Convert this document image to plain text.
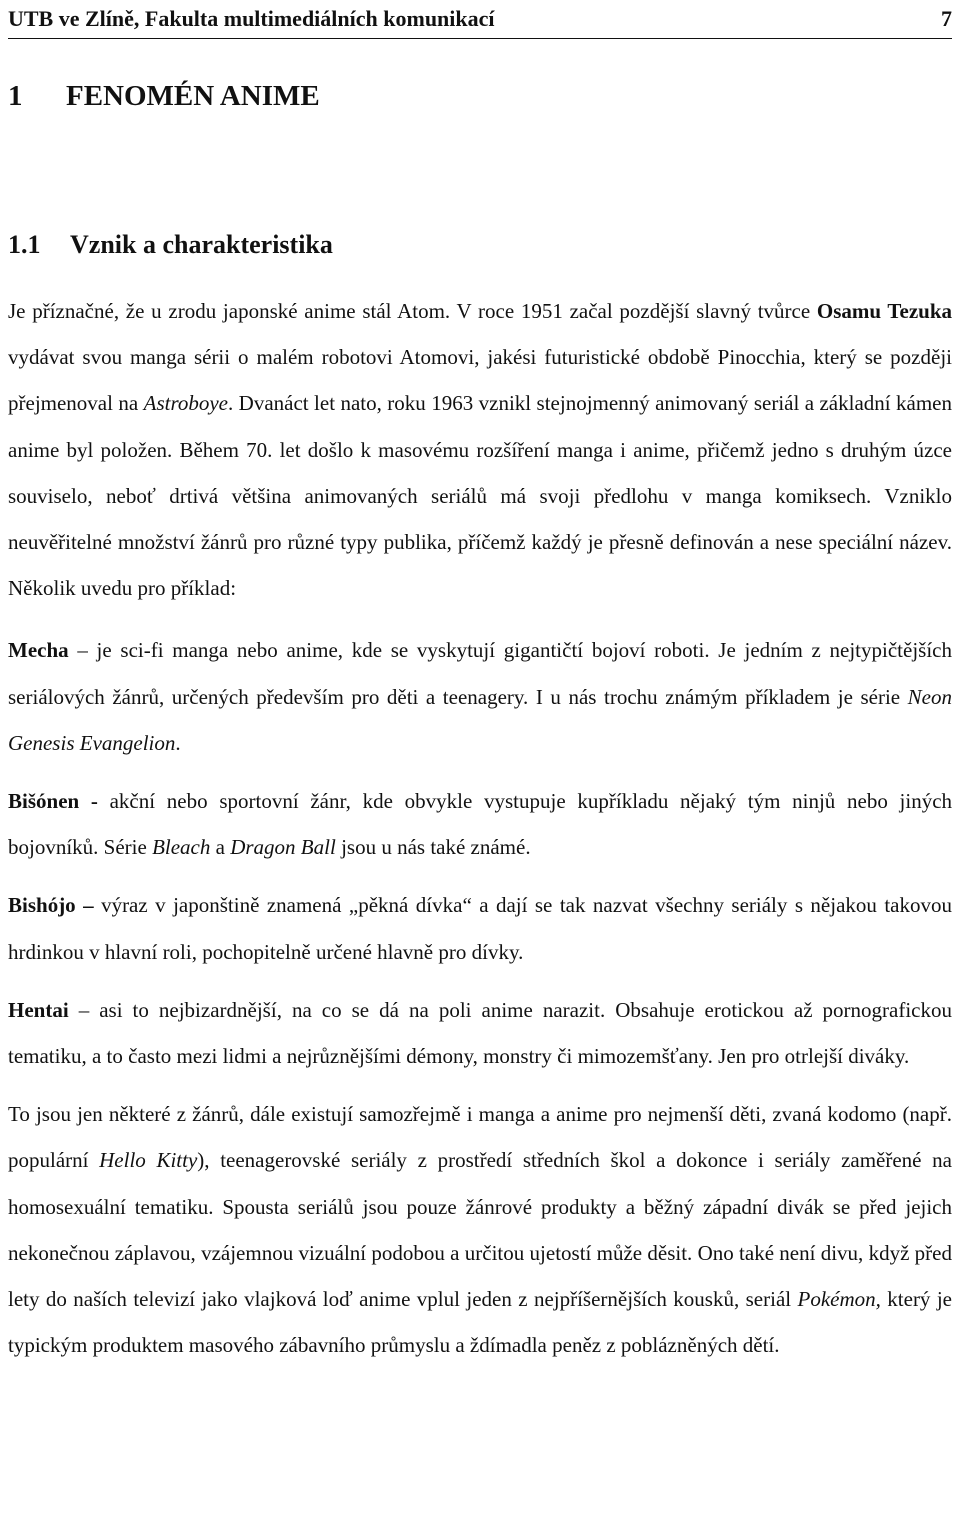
UTB ve Zlíně, Fakulta multimediálních komunikací	7
1 FENOMÉN ANIME
1.1 Vznik a charakteristika

Je příznačné, že u zrodu japonské anime stál Atom. V roce 1951 začal pozdější slavný tvůrce Osamu Tezuka vydávat svou manga sérii o malém robotovi Atomovi, jakési futuristické obdobě Pinocchia, který se později přejmenoval na Astroboye. Dvanáct let nato, roku 1963 vznikl stejnojmenný animovaný seriál a základní kámen anime byl položen. Během 70. let došlo k masovému rozšíření manga i anime, přičemž jedno s druhým úzce souviselo, neboť drtivá většina animovaných seriálů má svoji předlohu v manga komiksech. Vzniklo neuvěřitelné množství žánrů pro různé typy publika, příčemž každý je přesně definován a nese speciální název. Několik uvedu pro příklad:

Mecha – je sci-fi manga nebo anime, kde se vyskytují gigantičtí bojoví roboti. Je jedním z nejtypičtějších seriálových žánrů, určených především pro děti a teenagery. I u nás trochu známým příkladem je série Neon Genesis Evangelion.

Bišónen - akční nebo sportovní žánr, kde obvykle vystupuje kupříkladu nějaký tým ninjů nebo jiných bojovníků. Série Bleach a Dragon Ball jsou u nás také známé.

Bishójo – výraz v japonštině znamená „pěkná dívka“ a dají se tak nazvat všechny seriály s nějakou takovou hrdinkou v hlavní roli, pochopitelně určené hlavně pro dívky.

Hentai – asi to nejbizardnější, na co se dá na poli anime narazit. Obsahuje erotickou až pornografickou tematiku, a to často mezi lidmi a nejrůznějšími démony, monstry či mimozemšťany. Jen pro otrlejší diváky.

To jsou jen některé z žánrů, dále existují samozřejmě i manga a anime pro nejmenší děti, zvaná kodomo (např. populární Hello Kitty), teenagerovské seriály z prostředí středních škol a dokonce i seriály zaměřené na homosexuální tematiku. Spousta seriálů jsou pouze žánrové produkty a běžný západní divák se před jejich nekonečnou záplavou, vzájemnou vizuální podobou a určitou ujetostí může děsit. Ono také není divu, když před lety do naších televizí jako vlajková loď anime vplul jeden z nejpříšernějších kousků, seriál Pokémon, který je typickým produktem masového zábavního průmyslu a ždímadla peněz z poblázněných dětí.
